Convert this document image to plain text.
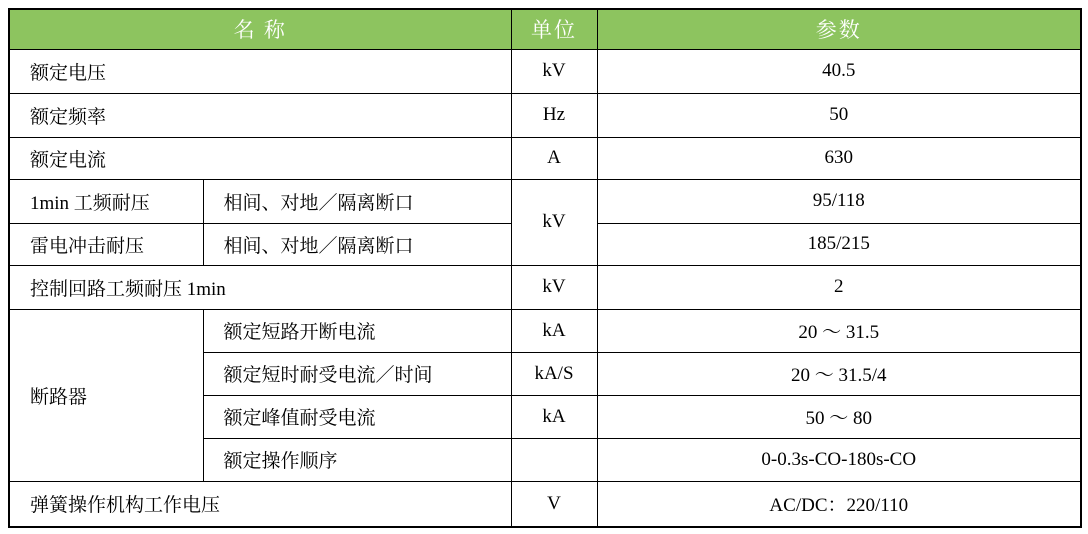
名 称		单位	参数
额定电压		kV	40.5
额定频率		Hz	50
额定电流		A	630
1min 工频耐压	相间、对地／隔离断口	kV	95/118
雷电冲击耐压	相间、对地／隔离断口		185/215
控制回路工频耐压 1min		kV	2
断路器	额定短路开断电流	kA	20 ～ 31.5
	额定短时耐受电流／时间	kA/S	20 ～ 31.5/4
	额定峰值耐受电流	kA	50 ～ 80
	额定操作顺序		0-0.3s-CO-180s-CO
弹簧操作机构工作电压		V	AC/DC：220/110
